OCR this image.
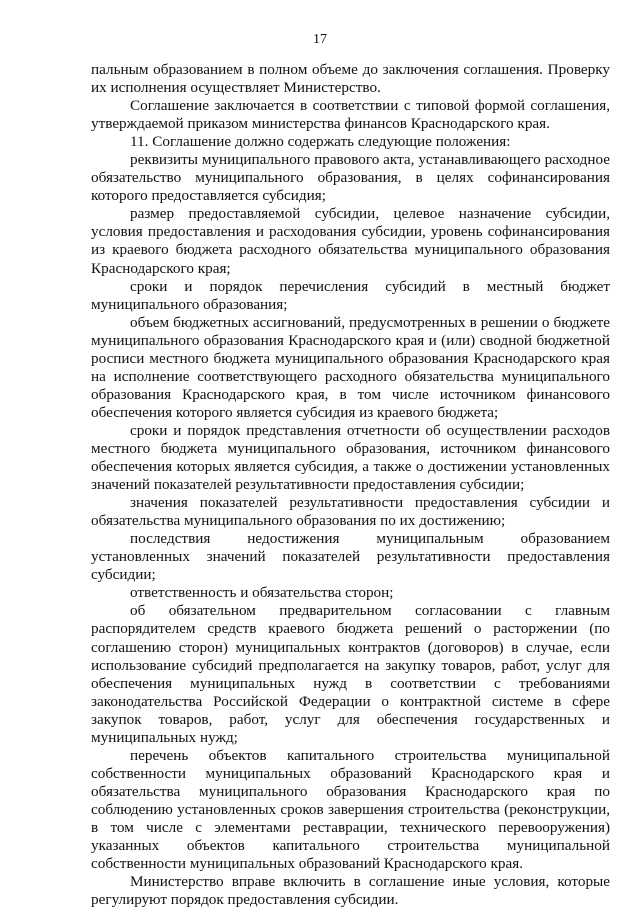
17

пальным образованием в полном объеме до заключения соглашения. Проверку их исполнения осуществляет Министерство.

Соглашение заключается в соответствии с типовой формой соглашения, утверждаемой приказом министерства финансов Краснодарского края.

11. Соглашение должно содержать следующие положения:

реквизиты муниципального правового акта, устанавливающего расходное обязательство муниципального образования, в целях софинансирования которого предоставляется субсидия;

размер предоставляемой субсидии, целевое назначение субсидии, условия предоставления и расходования субсидии, уровень софинансирования из краевого бюджета расходного обязательства муниципального образования Краснодарского края;

сроки и порядок перечисления субсидий в местный бюджет муниципального образования;

объем бюджетных ассигнований, предусмотренных в решении о бюджете муниципального образования Краснодарского края и (или) сводной бюджетной росписи местного бюджета муниципального образования Краснодарского края на исполнение соответствующего расходного обязательства муниципального образования Краснодарского края, в том числе источником финансового обеспечения которого является субсидия из краевого бюджета;

сроки и порядок представления отчетности об осуществлении расходов местного бюджета муниципального образования, источником финансового обеспечения которых является субсидия, а также о достижении установленных значений показателей результативности предоставления субсидии;

значения показателей результативности предоставления субсидии и обязательства муниципального образования по их достижению;

последствия недостижения муниципальным образованием установленных значений показателей результативности предоставления субсидии;

ответственность и обязательства сторон;

об обязательном предварительном согласовании с главным распорядителем средств краевого бюджета решений о расторжении (по соглашению сторон) муниципальных контрактов (договоров) в случае, если использование субсидий предполагается на закупку товаров, работ, услуг для обеспечения муниципальных нужд в соответствии с требованиями законодательства Российской Федерации о контрактной системе в сфере закупок товаров, работ, услуг для обеспечения государственных и муниципальных нужд;

перечень объектов капитального строительства муниципальной собственности муниципальных образований Краснодарского края и обязательства муниципального образования Краснодарского края по соблюдению установленных сроков завершения строительства (реконструкции, в том числе с элементами реставрации, технического перевооружения) указанных объектов капитального строительства муниципальной собственности муниципальных образований Краснодарского края.

Министерство вправе включить в соглашение иные условия, которые регулируют порядок предоставления субсидии.
